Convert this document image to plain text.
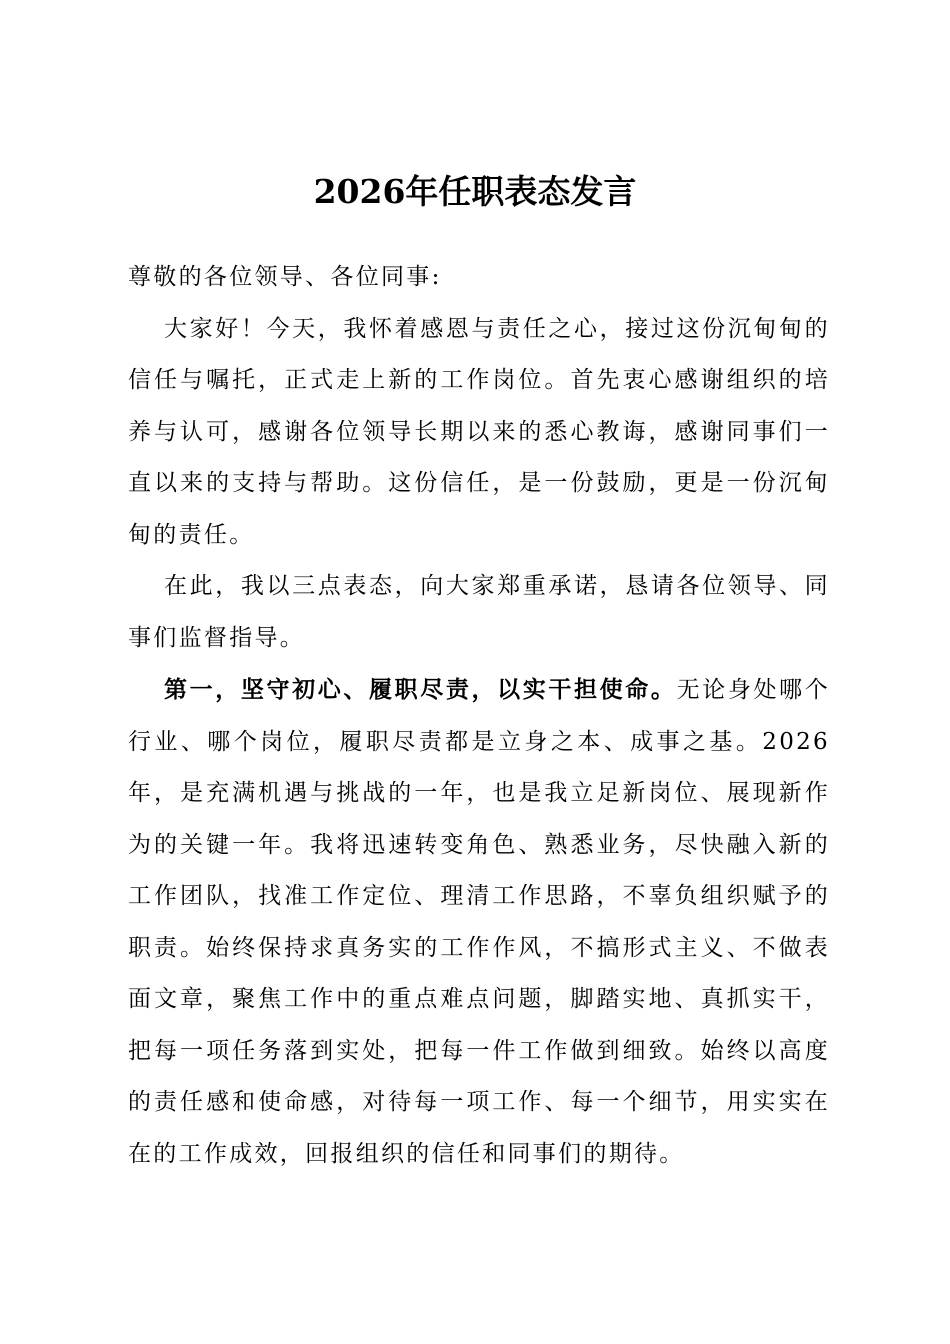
2026年任职表态发言

尊敬的各位领导、各位同事:

大家好！今天，我怀着感恩与责任之心，接过这份沉甸甸的信任与嘱托，正式走上新的工作岗位。首先衷心感谢组织的培养与认可，感谢各位领导长期以来的悉心教诲，感谢同事们一直以来的支持与帮助。这份信任，是一份鼓励，更是一份沉甸甸的责任。

在此，我以三点表态，向大家郑重承诺，恳请各位领导、同事们监督指导。

第一，坚守初心、履职尽责，以实干担使命。无论身处哪个行业、哪个岗位，履职尽责都是立身之本、成事之基。2026年，是充满机遇与挑战的一年，也是我立足新岗位、展现新作为的关键一年。我将迅速转变角色、熟悉业务，尽快融入新的工作团队，找准工作定位、理清工作思路，不辜负组织赋予的职责。始终保持求真务实的工作作风，不搞形式主义、不做表面文章，聚焦工作中的重点难点问题，脚踏实地、真抓实干，把每一项任务落到实处，把每一件工作做到细致。始终以高度的责任感和使命感，对待每一项工作、每一个细节，用实实在在的工作成效，回报组织的信任和同事们的期待。
